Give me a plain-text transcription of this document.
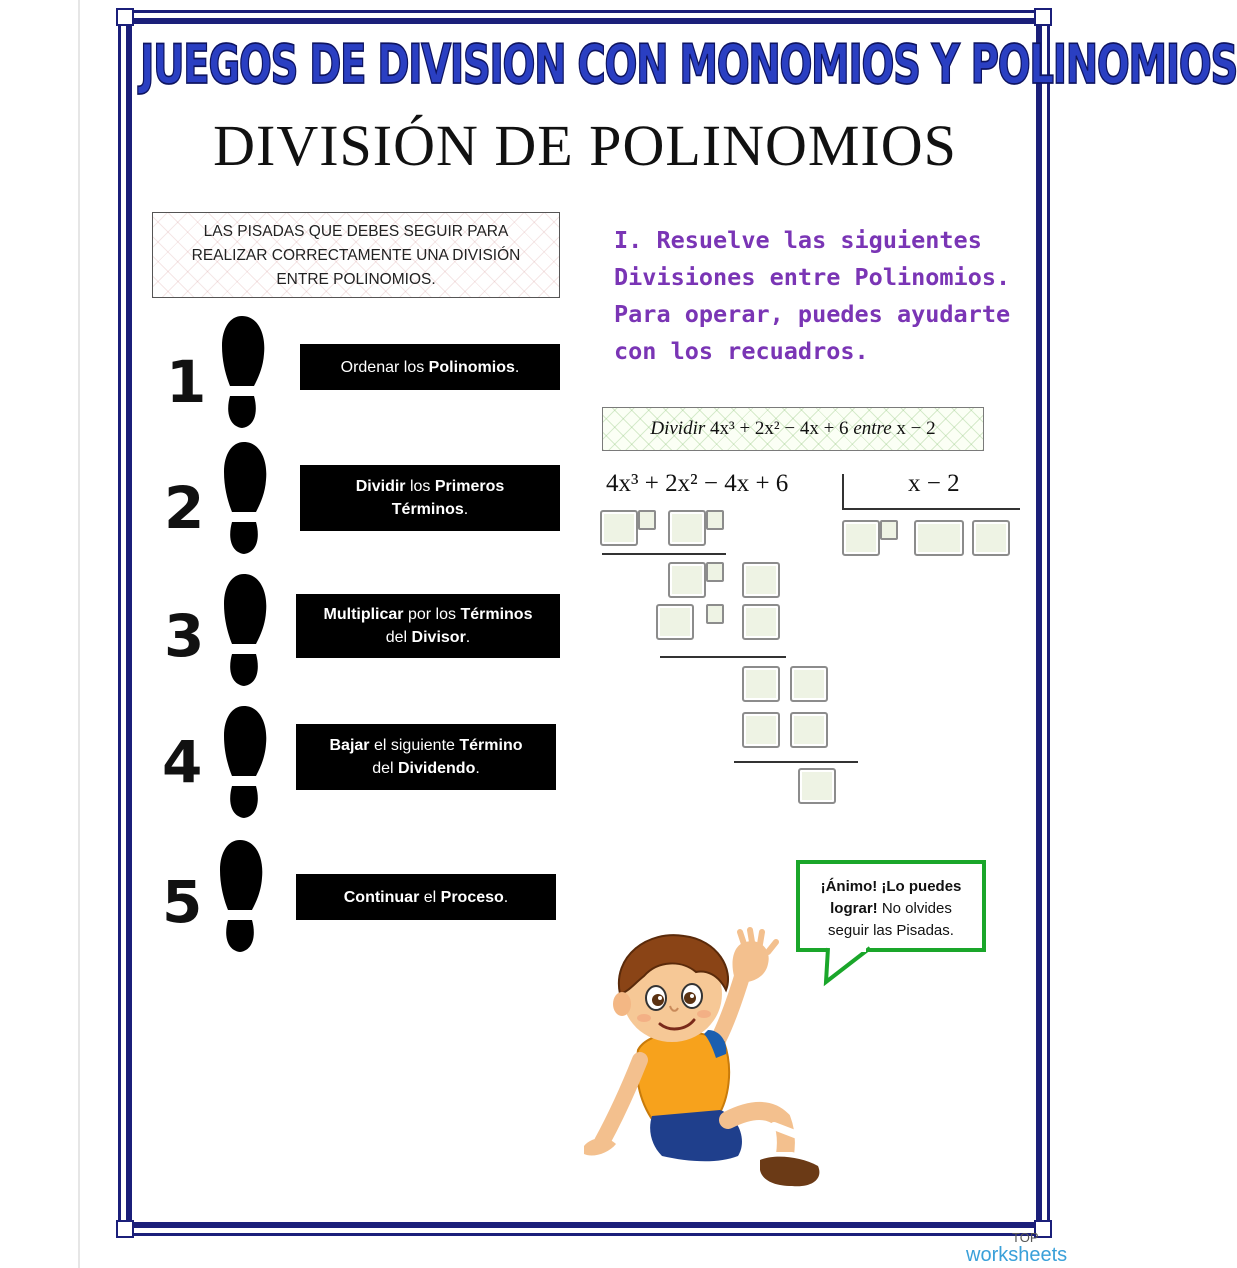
JUEGOS DE DIVISION CON MONOMIOS Y POLINOMIOS
DIVISIÓN DE POLINOMIOS
LAS PISADAS QUE DEBES SEGUIR PARA
REALIZAR CORRECTAMENTE UNA DIVISIÓN
ENTRE POLINOMIOS.
1	Ordenar los Polinomios.
2	Dividir los Primeros
Términos.
3	Multiplicar por los Términos
del Divisor.
4	Bajar el siguiente Término
del Dividendo.
5	Continuar el Proceso.
I. Resuelve las siguientes
Divisiones entre Polinomios.
Para operar, puedes ayudarte
con los recuadros.
Dividir
4x³ + 2x² − 4x + 6
entre
x − 2
4x³ + 2x² − 4x + 6	x − 2
¡Ánimo! ¡Lo puedes
lograr! No olvides
seguir las Pisadas.
TOP
worksheets
